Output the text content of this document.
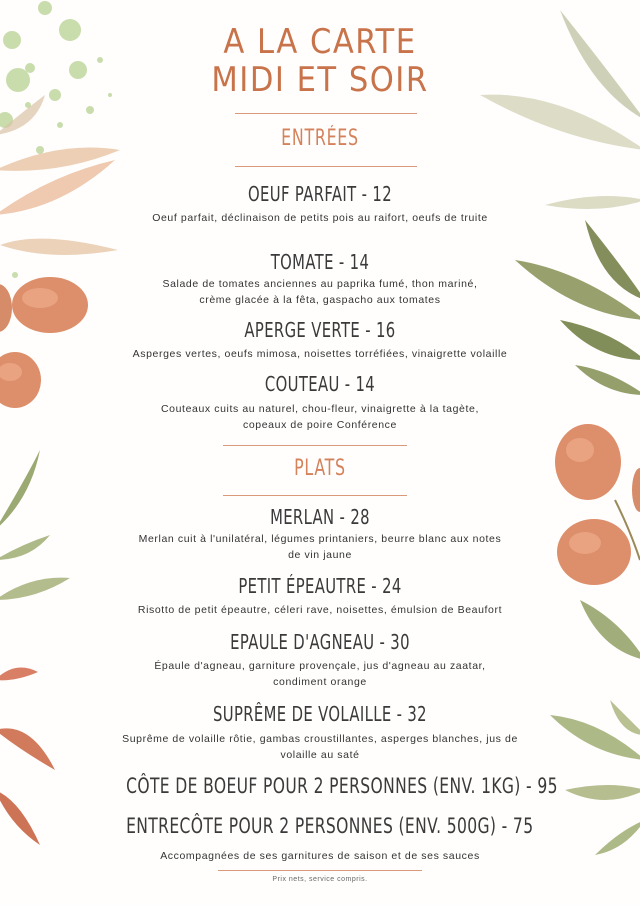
A LA CARTE
MIDI ET SOIR
ENTRÉES
OEUF PARFAIT - 12
Oeuf parfait, déclinaison de petits pois au raifort, oeufs de truite
TOMATE - 14
Salade de tomates anciennes au paprika fumé, thon mariné, crème glacée à la fêta, gaspacho aux tomates
APERGE VERTE - 16
Asperges vertes, oeufs mimosa, noisettes torréfiées, vinaigrette volaille
COUTEAU - 14
Couteaux cuits au naturel, chou-fleur, vinaigrette à la tagète, copeaux de poire Conférence
PLATS
MERLAN - 28
Merlan cuit à l'unilatéral, légumes printaniers, beurre blanc aux notes de vin jaune
PETIT ÉPEAUTRE - 24
Risotto de petit épeautre, céleri rave, noisettes, émulsion de Beaufort
EPAULE D'AGNEAU - 30
Épaule d'agneau, garniture provençale, jus d'agneau au zaatar, condiment orange
SUPRÊME DE VOLAILLE - 32
Suprême de volaille rôtie, gambas croustillantes, asperges blanches, jus de volaille au saté
CÔTE DE BOEUF POUR 2 PERSONNES (ENV. 1KG) - 95
ENTRECÔTE POUR 2 PERSONNES (ENV. 500G) - 75
Accompagnées de ses garnitures de saison et de ses sauces
Prix nets, service compris.
